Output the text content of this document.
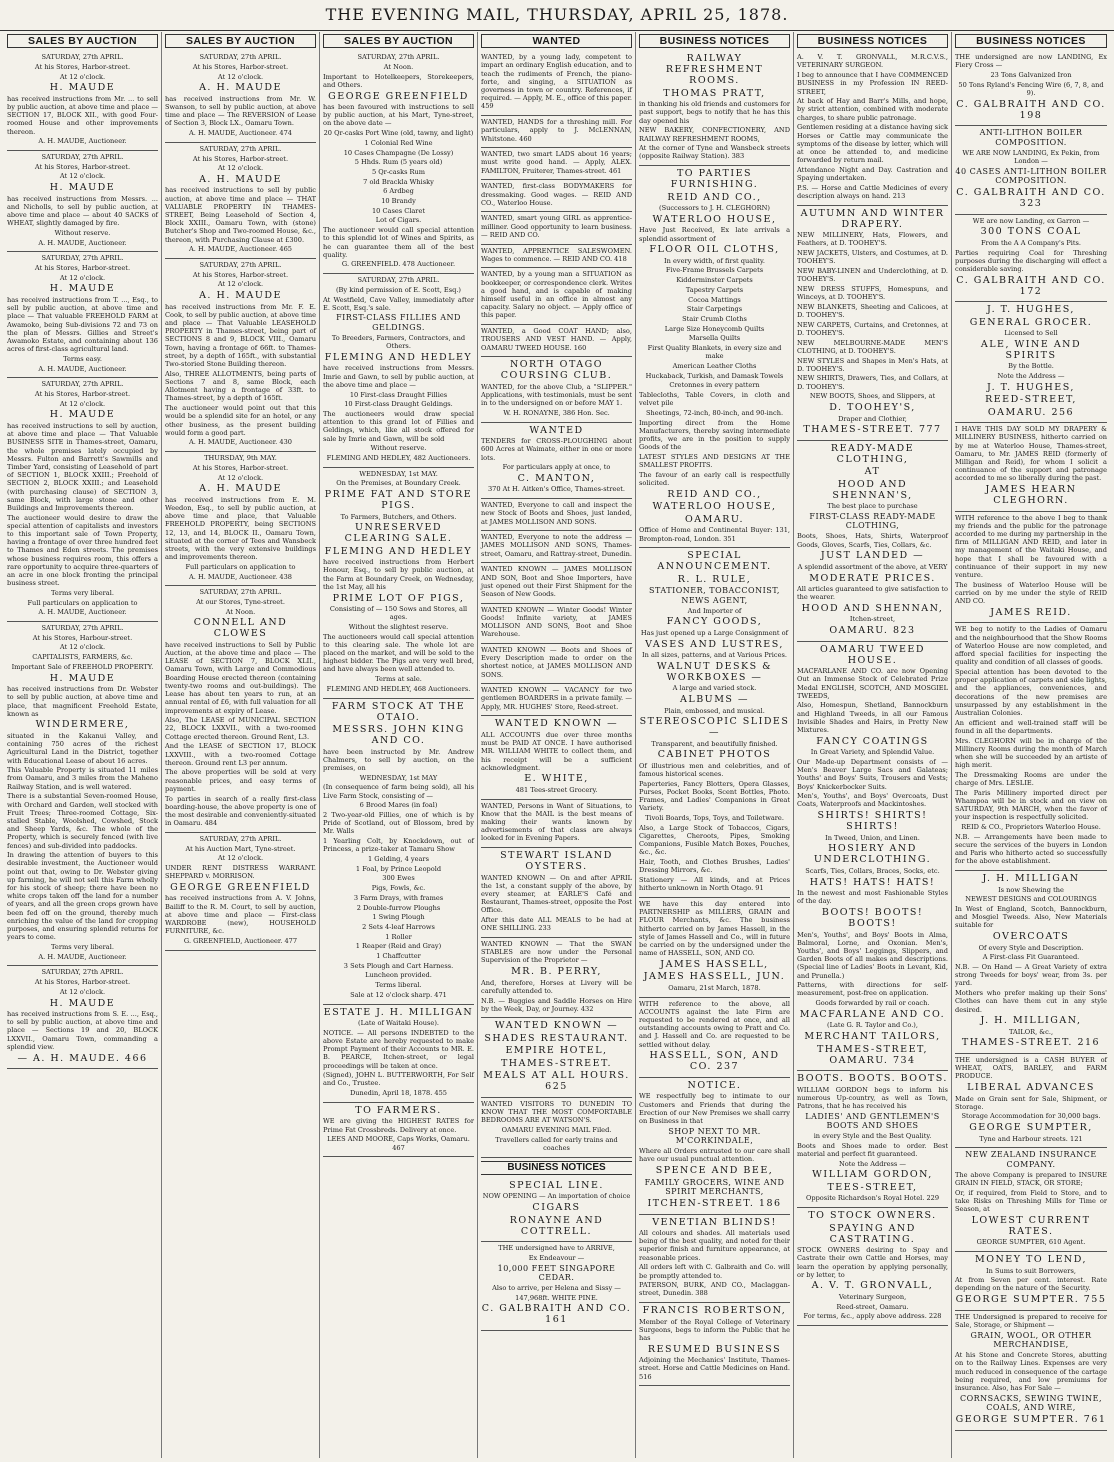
THE EVENING MAIL, THURSDAY, APRIL 25, 1878.
SALES BY AUCTION

SATURDAY, 27th APRIL.

At his Stores, Harbor-street.

At 12 o'clock.

H. MAUDE

has received instructions from Mr. ... to sell by public auction, at above time and place — SECTION 17, BLOCK XII., with good Four-roomed House and other improvements thereon.

A. H. MAUDE, Auctioneer.

SATURDAY, 27th APRIL.

At his Stores, Harbor-street.

At 12 o'clock.

H. MAUDE

has received instructions from Messrs. ... and Nicholls, to sell by public auction, at above time and place — about 40 SACKS of WHEAT, slightly damaged by fire.

Without reserve.

A. H. MAUDE, Auctioneer.

SATURDAY, 27th APRIL.

At his Stores, Harbor-street.

At 12 o'clock.

H. MAUDE

has received instructions from T. ..., Esq., to sell by public auction, at above time and place — That valuable FREEHOLD FARM at Awamoko, being Sub-divisions 72 and 73 on the plan of Messrs. Gillies and Street's Awamoko Estate, and containing about 136 acres of first-class agricultural land.

Terms easy.

A. H. MAUDE, Auctioneer.

SATURDAY, 27th APRIL.

At his Stores, Harbor-street.

At 12 o'clock.

H. MAUDE

has received instructions to sell by auction, at above time and place — That Valuable BUSINESS SITE in Thames-street, Oamaru, the whole premises lately occupied by Messrs. Fulton and Barrett's Sawmills and Timber Yard, consisting of Leasehold of part of SECTION 1, BLOCK XXIII.; Freehold of SECTION 2, BLOCK XXIII.; and Leasehold (with purchasing clause) of SECTION 3, same Block, with large stone and other Buildings and Improvements thereon.

The auctioneer would desire to draw the special attention of capitalists and investors to this important sale of Town Property, having a frontage of over three hundred feet to Thames and Eden streets. The premises whose business requires room, this offers a rare opportunity to acquire three-quarters of an acre in one block fronting the principal business street.

Terms very liberal.

Full particulars on application to

A. H. MAUDE, Auctioneer.

SATURDAY, 27th APRIL.

At his Stores, Harbour-street.

At 12 o'clock.

CAPITALISTS, FARMERS, &c.

Important Sale of FREEHOLD PROPERTY.

H. MAUDE

has received instructions from Dr. Webster to sell by public auction, at above time and place, that magnificent Freehold Estate, known as

WINDERMERE,

situated in the Kakanui Valley, and containing 750 acres of the richest Agricultural Land in the District, together with Educational Lease of about 16 acres.

This Valuable Property is situated 11 miles from Oamaru, and 3 miles from the Maheno Railway Station, and is well watered.

There is a substantial Seven-roomed House, with Orchard and Garden, well stocked with Fruit Trees; Three-roomed Cottage, Six-stalled Stable, Woolshed, Cowshed, Stock and Sheep Yards, &c. The whole of the Property, which is securely fenced (with live fences) and sub-divided into paddocks.

In drawing the attention of buyers to this desirable investment, the Auctioneer would point out that, owing to Dr. Webster giving up farming, he will not sell this Farm wholly for his stock of sheep; there have been no white crops taken off the land for a number of years, and all the green crops grown have been fed off on the ground, thereby much enriching the value of the land for cropping purposes, and ensuring splendid returns for years to come.

Terms very liberal.

A. H. MAUDE, Auctioneer.

SATURDAY, 27th APRIL.

At his Stores, Harbor-street.

At 12 o'clock.

H. MAUDE

has received instructions from S. E. ..., Esq., to sell by public auction, at above time and place — Sections 19 and 20, BLOCK LXXVII., Oamaru Town, commanding a splendid view.

— A. H. MAUDE. 466

SALES BY AUCTION

SATURDAY, 27th APRIL.

At his Stores, Harbor-street.

At 12 o'clock.

A. H. MAUDE

has received instructions from Mr. W. Swanson, to sell by public auction, at above time and place — The REVERSION of Lease of Section 3, Block LX., Oamaru Town.

A. H. MAUDE, Auctioneer. 474

SATURDAY, 27th APRIL.

At his Stores, Harbor-street.

At 12 o'clock.

A. H. MAUDE

has received instructions to sell by public auction, at above time and place — THAT VALUABLE PROPERTY IN THAMES-STREET, Being Leasehold of Section 4, Block XXIII., Oamaru Town, with (stone) Butcher's Shop and Two-roomed House, &c., thereon, with Purchasing Clause at £300.

A. H. MAUDE, Auctioneer. 465

SATURDAY, 27th APRIL.

At his Stores, Harbor-street.

At 12 o'clock.

A. H. MAUDE

has received instructions from Mr. F. E. Cook, to sell by public auction, at above time and place — That Valuable LEASEHOLD PROPERTY in Thames-street, being part of SECTIONS 8 and 9, BLOCK VIII., Oamaru Town, having a frontage of 66ft. to Thames-street, by a depth of 165ft., with substantial Two-storied Stone Building thereon.

Also, THREE ALLOTMENTS, being parts of Sections 7 and 8, same Block, each Allotment having a frontage of 33ft. to Thames-street, by a depth of 165ft.

The auctioneer would point out that this would be a splendid site for an hotel, or any other business, as the present building would form a good part.

A. H. MAUDE, Auctioneer. 430

THURSDAY, 9th MAY.

At his Stores, Harbor-street.

At 12 o'clock.

A. H. MAUDE

has received instructions from E. M. Weedon, Esq., to sell by public auction, at above time and place, that Valuable FREEHOLD PROPERTY, being SECTIONS 12, 13, and 14, BLOCK II., Oamaru Town, situated at the corner of Tees and Wansbeck streets, with the very extensive buildings and improvements thereon.

Full particulars on application to

A. H. MAUDE, Auctioneer. 438

SATURDAY, 27th APRIL.

At our Stores, Tyne-street.

At Noon.

CONNELL AND CLOWES

have received instructions to Sell by Public Auction, at the above time and place — The LEASE of SECTION 7, BLOCK XLII., Oamaru Town, with Large and Commodious Boarding House erected thereon (containing twenty-two rooms and out-buildings). The Lease has about ten years to run, at an annual rental of £6, with full valuation for all improvements at expiry of Lease.

Also, The LEASE of MUNICIPAL SECTION 22, BLOCK LXXVII., with a two-roomed Cottage erected thereon. Ground Rent, L3.

And the LEASE of SECTION 17, BLOCK LXXVIII., with a two-roomed Cottage thereon. Ground rent L3 per annum.

The above properties will be sold at very reasonable prices, and easy terms of payment.

To parties in search of a really first-class boarding-house, the above property is one of the most desirable and conveniently-situated in Oamaru. 484

SATURDAY, 27th APRIL.

At his Auction Mart, Tyne-street.

At 12 o'clock.

UNDER RENT DISTRESS WARRANT. SHEPPARD v. MORRISON.

GEORGE GREENFIELD

has received instructions from A. V. Johns, Bailiff to the R. M. Court, to sell by auction, at above time and place — First-class WARDROBE (new), HOUSEHOLD FURNITURE, &c.

G. GREENFIELD, Auctioneer. 477

SALES BY AUCTION

SATURDAY, 27th APRIL.

At Noon.

Important to Hotelkeepers, Storekeepers, and Others.

GEORGE GREENFIELD

has been favoured with instructions to sell by public auction, at his Mart, Tyne-street, on the above date —

20 Qr-casks Port Wine (old, tawny, and light)

1 Colonial Red Wine

10 Cases Champagne (De Lossy)

5 Hhds. Rum (5 years old)

5 Qr-casks Rum

7 old Brackla Whisky

6 Ardbeg

10 Brandy

10 Cases Claret

Lot of Cigars.

The auctioneer would call special attention to this splendid lot of Wines and Spirits, as he can guarantee them all of the best quality.

G. GREENFIELD. 478 Auctioneer.

SATURDAY, 27th APRIL.

(By kind permission of E. Scott, Esq.)

At Westfield, Cave Valley, immediately after E. Scott, Esq.'s sale.

FIRST-CLASS FILLIES AND GELDINGS.

To Breeders, Farmers, Contractors, and Others.

FLEMING AND HEDLEY

have received instructions from Messrs. Imrie and Gawn, to sell by public auction, at the above time and place —

10 First-class Draught Fillies

10 First-class Draught Geldings.

The auctioneers would draw special attention to this grand lot of Fillies and Geldings, which, like all stock offered for sale by Imrie and Gawn, will be sold

Without reserve.

FLEMING AND HEDLEY, 482 Auctioneers.

WEDNESDAY, 1st MAY.

On the Premises, at Boundary Creek.

PRIME FAT AND STORE PIGS.

To Farmers, Butchers, and Others.

UNRESERVED CLEARING SALE.

FLEMING AND HEDLEY

have received instructions from Herbert Honour, Esq., to sell by public auction, at the Farm at Boundary Creek, on Wednesday, the 1st May, all his

PRIME LOT OF PIGS,

Consisting of — 150 Sows and Stores, all ages.

Without the slightest reserve.

The auctioneers would call special attention to this clearing sale. The whole lot are placed on the market, and will be sold to the highest bidder. The Pigs are very well bred, and have always been well attended to.

Terms at sale.

FLEMING AND HEDLEY, 468 Auctioneers.

FARM STOCK AT THE OTAIO.

MESSRS. JOHN KING AND CO.

have been instructed by Mr. Andrew Chalmers, to sell by auction, on the premises, on

WEDNESDAY, 1st MAY

(In consequence of farm being sold), all his Live Farm Stock, consisting of —

6 Brood Mares (in foal)

2 Two-year-old Fillies, one of which is by Pride of Scotland, out of Blossom, bred by Mr. Walls

1 Yearling Colt, by Knockdown, out of Princess, a prize-taker at Tamaru Show

1 Gelding, 4 years

1 Foal, by Prince Leopold

300 Ewes

Pigs, Fowls, &c.

3 Farm Drays, with frames

2 Double-furrow Ploughs

1 Swing Plough

2 Sets 4-leaf Harrows

1 Roller

1 Reaper (Reid and Gray)

1 Chaffcutter

3 Sets Plough and Cart Harness.

Luncheon provided.

Terms liberal.

Sale at 12 o'clock sharp. 471

ESTATE J. H. MILLIGAN

(Late of Waitaki House).

NOTICE. — All persons INDEBTED to the above Estate are hereby requested to make Prompt Payment of their Accounts to MR. E. B. PEARCE, Itchen-street, or legal proceedings will be taken at once.

(Signed), JOHN L. BUTTERWORTH, For Self and Co., Trustee.

Dunedin, April 18, 1878. 455

TO FARMERS.

WE are giving the HIGHEST RATES for Prime Fat Crossbreds. Delivery at once.

LEES AND MOORE, Caps Works, Oamaru. 467

WANTED

WANTED, by a young lady, competent to impart an ordinary English education, and to teach the rudiments of French, the piano-forte, and singing, a SITUATION as governess in town or country. References, if required. — Apply, M. E., office of this paper. 459

WANTED, HANDS for a threshing mill. For particulars, apply to J. McLENNAN, Whitstone. 460

WANTED, two smart LADS about 16 years; must write good hand. — Apply, ALEX. FAMILTON, Fruiterer, Thames-street. 461

WANTED, first-class BODYMAKERS for dressmaking. Good wages. — REID AND CO., Waterloo House.

WANTED, smart young GIRL as apprentice-milliner. Good opportunity to learn business. — REID AND CO.

WANTED, APPRENTICE SALESWOMEN. Wages to commence. — REID AND CO. 418

WANTED, by a young man a SITUATION as bookkeeper, or correspondence clerk. Writes a good hand, and is capable of making himself useful in an office in almost any capacity. Salary no object. — Apply office of this paper.

WANTED, a Good COAT HAND; also, TROUSERS AND VEST HAND. — Apply, OAMARU TWEED HOUSE. 160

NORTH OTAGO COURSING CLUB.

WANTED, for the above Club, a "SLIPPER." Applications, with testimonials, must be sent in to the undersigned on or before MAY 1.

W. H. RONAYNE, 386 Hon. Sec.

WANTED

TENDERS for CROSS-PLOUGHING about 600 Acres at Waimate, either in one or more lots.

For particulars apply at once, to

C. MANTON,

370 At H. Aitken's Office, Thames-street.

WANTED, Everyone to call and inspect the new Stock of Boots and Shoes, just landed, at JAMES MOLLISON AND SONS.

WANTED, Everyone to note the address — JAMES MOLLISON AND SONS, Thames-street, Oamaru, and Rattray-street, Dunedin.

WANTED KNOWN — JAMES MOLLISON AND SON, Boot and Shoe Importers, have just opened out their First Shipment for the Season of New Goods.

WANTED KNOWN — Winter Goods! Winter Goods! Infinite variety, at JAMES MOLLISON AND SONS, Boot and Shoe Warehouse.

WANTED KNOWN — Boots and Shoes of Every Description made to order on the shortest notice, at JAMES MOLLISON AND SONS.

WANTED KNOWN — VACANCY for two gentlemen BOARDERS in a private family. — Apply, MR. HUGHES' Store, Reed-street.

WANTED KNOWN —

ALL ACCOUNTS due over three months must be PAID AT ONCE. I have authorised MR. WILLIAM WHITE to collect them, and his receipt will be a sufficient acknowledgment.

E. WHITE,

481 Tees-street Grocery.

WANTED, Persons in Want of Situations, to Know that the MAIL is the best means of making their wants known by advertisements of that class are always looked for in Evening Papers.

STEWART ISLAND OYSTERS.

WANTED KNOWN — On and after APRIL the 1st, a constant supply of the above, by every steamer, at EARLE'S Café and Restaurant, Thames-street, opposite the Post Office.

After this date ALL MEALS to be had at ONE SHILLING. 233

WANTED KNOWN — That the SWAN STABLES are now under the Personal Supervision of the Proprietor —

MR. B. PERRY,

And, therefore, Horses at Livery will be carefully attended to.

N.B. — Buggies and Saddle Horses on Hire by the Week, Day, or Journey. 432

WANTED KNOWN —

SHADES RESTAURANT.

EMPIRE HOTEL,

THAMES-STREET.

MEALS AT ALL HOURS. 625

WANTED VISITORS TO DUNEDIN TO KNOW THAT THE MOST COMFORTABLE BEDROOMS ARE AT WATSON'S.

OAMARU EVENING MAIL Filed.

Travellers called for early trains and coaches

BUSINESS NOTICES

SPECIAL LINE.

NOW OPENING — An importation of choice

CIGARS

RONAYNE AND COTTRELL.

THE undersigned have to ARRIVE,

Ex Endeavour —

10,000 FEET SINGAPORE CEDAR.

Also to arrive, per Helena and Sissy —

147,968ft. WHITE PINE.

C. GALBRAITH AND CO. 161

BUSINESS NOTICES

RAILWAY REFRESHMENT ROOMS.

THOMAS PRATT,

in thanking his old friends and customers for past support, begs to notify that he has this day opened his

NEW BAKERY, CONFECTIONERY, AND RAILWAY REFRESHMENT ROOMS,

At the corner of Tyne and Wansbeck streets (opposite Railway Station). 383

TO PARTIES FURNISHING.

REID AND CO.,

(Successors to J. H. CLEGHORN)

WATERLOO HOUSE,

Have Just Received, Ex late arrivals a splendid assortment of

FLOOR OIL CLOTHS,

In every width, of first quality.

Five-Frame Brussels Carpets

Kidderminster Carpets

Tapestry Carpets

Cocoa Mattings

Stair Carpetings

Stair Crumb Cloths

Large Size Honeycomb Quilts

Marsella Quilts

First Quality Blankets, in every size and make

American Leather Cloths

Huckaback, Turkish, and Damask Towels

Cretonnes in every pattern

Tablecloths, Table Covers, in cloth and velvet pile

Sheetings, 72-inch, 80-inch, and 90-inch.

Importing direct from the Home Manufacturers, thereby saving intermediate profits, we are in the position to supply Goods of the

LATEST STYLES AND DESIGNS AT THE SMALLEST PROFITS.

The favour of an early call is respectfully solicited.

REID AND CO.,

WATERLOO HOUSE,

OAMARU.

Office of Home and Continental Buyer: 131, Brompton-road, London. 351

SPECIAL ANNOUNCEMENT.

R. L. RULE,

STATIONER, TOBACCONIST, NEWS AGENT,

And Importer of

FANCY GOODS,

Has just opened up a Large Consignment of

VASES AND LUSTRES,

In all sizes, patterns, and at Various Prices.

WALNUT DESKS & WORKBOXES —

A large and varied stock.

ALBUMS —

Plain, embossed, and musical.

STEREOSCOPIC SLIDES —

Transparent, and beautifully finished.

CABINET PHOTOS

Of illustrious men and celebrities, and of famous historical scenes.

Paperteries, Fancy Blotters, Opera Glasses, Purses, Pocket Books, Scent Bottles, Photo. Frames, and Ladies' Companions in Great Variety.

Tivoli Boards, Tops, Toys, and Toiletware.

Also, a Large Stock of Tobaccos, Cigars, Cigarettes, Cheroots, Pipes, Smoking Companions, Fusible Match Boxes, Pouches, &c., &c.

Hair, Tooth, and Clothes Brushes, Ladies' Dressing Mirrors, &c.

Stationery — All kinds, and at Prices hitherto unknown in North Otago. 91

WE have this day entered into PARTNERSHIP as MILLERS, GRAIN and FLOUR Merchants, &c. The business hitherto carried on by James Hassell, in the style of James Hassell and Co., will in future be carried on by the undersigned under the name of HASSELL, SON, AND CO.

JAMES HASSELL,

JAMES HASSELL, JUN.

Oamaru, 21st March, 1878.

WITH reference to the above, all ACCOUNTS against the late Firm are requested to be rendered at once, and all outstanding accounts owing to Pratt and Co. and J. Hassell and Co. are requested to be settled without delay.

HASSELL, SON, AND CO. 237

NOTICE.

WE respectfully beg to intimate to our Customers and Friends that during the Erection of our New Premises we shall carry on Business in that

SHOP NEXT TO MR. M'CORKINDALE,

Where all Orders entrusted to our care shall have our usual punctual attention.

SPENCE AND BEE,

FAMILY GROCERS, WINE AND SPIRIT MERCHANTS,

ITCHEN-STREET. 186

VENETIAN BLINDS!

All colours and shades. All materials used being of the best quality, and noted for their superior finish and furniture appearance, at reasonable prices.

All orders left with C. Galbraith and Co. will be promptly attended to.

PATERSON, BURK, AND CO., Maclaggan-street, Dunedin. 388

FRANCIS ROBERTSON,

Member of the Royal College of Veterinary Surgeons, begs to inform the Public that he has

RESUMED BUSINESS

Adjoining the Mechanics' Institute, Thames-street. Horse and Cattle Medicines on Hand. 516

BUSINESS NOTICES

A. V. T. GRONVALL, M.R.C.V.S., VETERINARY SURGEON.

I beg to announce that I have COMMENCED BUSINESS in my Profession IN REED-STREET,

At back of Hay and Barr's Mills, and hope, by strict attention, combined with moderate charges, to share public patronage.

Gentlemen residing at a distance having sick Horses or Cattle may communicate the symptoms of the disease by letter, which will at once be attended to, and medicine forwarded by return mail.

Attendance Night and Day. Castration and Spaying undertaken.

P.S. — Horse and Cattle Medicines of every description always on hand. 213

AUTUMN AND WINTER DRAPERY.

NEW MILLINERY, Hats, Flowers, and Feathers, at D. TOOHEY'S.

NEW JACKETS, Ulsters, and Costumes, at D. TOOHEY'S.

NEW BABY-LINEN and Underclothing, at D. TOOHEY'S.

NEW DRESS STUFFS, Homespuns, and Winceys, at D. TOOHEY'S.

NEW BLANKETS, Sheeting and Calicoes, at D. TOOHEY'S.

NEW CARPETS, Curtains, and Cretonnes, at D. TOOHEY'S.

NEW MELBOURNE-MADE MEN'S CLOTHING, at D. TOOHEY'S.

NEW STYLES and Shapes in Men's Hats, at D. TOOHEY'S.

NEW SHIRTS, Drawers, Ties, and Collars, at D. TOOHEY'S.

NEW BOOTS, Shoes, and Slippers, at

D. TOOHEY'S,

Draper and Clothier,

THAMES-STREET. 777

READY-MADE CLOTHING,

AT

HOOD AND SHENNAN'S,

The best place to purchase

FIRST-CLASS READY-MADE CLOTHING,

Boots, Shoes, Hats, Shirts, Waterproof Goods, Gloves, Scarfs, Ties, Collars, &c.

JUST LANDED —

A splendid assortment of the above, at VERY

MODERATE PRICES.

All articles guaranteed to give satisfaction to the wearer.

HOOD AND SHENNAN,

Itchen-street,

OAMARU. 823

OAMARU TWEED HOUSE.

MACFARLANE AND CO. are now Opening Out an Immense Stock of Celebrated Prize Medal ENGLISH, SCOTCH, AND MOSGIEL TWEEDS,

Also, Homespun, Shetland, Bannockburn and Highland Tweeds, in all our Famous Invisible Shades and Hairs, in Pretty New Mixtures.

FANCY COATINGS

In Great Variety, and Splendid Value.

Our Made-up Department consists of — Men's Beaver Large Sacs and Galateas; Youths' and Boys' Suits, Trousers and Vests; Boys' Knickerbocker Suits.

Men's, Youths', and Boys' Overcoats, Dust Coats, Waterproofs and Mackintoshes.

SHIRTS! SHIRTS! SHIRTS!

In Tweed, Union, and Linen.

HOSIERY AND UNDERCLOTHING.

Scarfs, Ties, Collars, Braces, Socks, etc.

HATS! HATS! HATS!

In the newest and most Fashionable Styles of the day.

BOOTS! BOOTS! BOOTS!

Men's, Youths', and Boys' Boots in Alma, Balmoral, Lorne, and Oxonian. Men's, Youths', and Boys' Leggings, Slippers, and Garden Boots of all makes and descriptions. (Special line of Ladies' Boots in Levant, Kid, and Prunella.)

Patterns, with directions for self-measurement, post-free on application.

Goods forwarded by rail or coach.

MACFARLANE AND CO.

(Late G. R. Taylor and Co.),

MERCHANT TAILORS,

THAMES-STREET, OAMARU. 734

BOOTS. BOOTS. BOOTS.

WILLIAM GORDON begs to inform his numerous Up-country, as well as Town, Patrons, that he has received his

LADIES' AND GENTLEMEN'S BOOTS AND SHOES

in every Style and the Best Quality.

Boots and Shoes made to order. Best material and perfect fit guaranteed.

Note the Address —

WILLIAM GORDON,

TEES-STREET,

Opposite Richardson's Royal Hotel. 229

TO STOCK OWNERS.

SPAYING AND CASTRATING.

STOCK OWNERS desiring to Spay and Castrate their own Cattle and Horses, may learn the operation by applying personally, or by letter, to

A. V. T. GRONVALL,

Veterinary Surgeon,

Reed-street, Oamaru.

For terms, &c., apply above address. 228

BUSINESS NOTICES

THE undersigned are now LANDING, Ex Fiery Cross —

23 Tons Galvanized Iron

50 Tons Ryland's Fencing Wire (6, 7, 8, and 9).

C. GALBRAITH AND CO. 198

ANTI-LITHON BOILER COMPOSITION.

WE ARE NOW LANDING, Ex Pekin, from London —

40 CASES ANTI-LITHON BOILER COMPOSITION.

C. GALBRAITH AND CO. 323

WE are now Landing, ex Garron —

300 TONS COAL

From the A A Company's Pits.

Parties requiring Coal for Threshing purposes during the discharging will effect a considerable saving.

C. GALBRAITH AND CO. 172

J. T. HUGHES,

GENERAL GROCER.

Licensed to Sell

ALE, WINE AND SPIRITS

By the Bottle.

Note the Address —

J. T. HUGHES,

REED-STREET,

OAMARU. 256

I HAVE THIS DAY SOLD MY DRAPERY & MILLINERY BUSINESS, hitherto carried on by me at Waterloo House, Thames-street, Oamaru, to Mr. JAMES REID (formerly of Milligan and Reid), for whom I solicit a continuance of the support and patronage accorded to me so liberally during the past.

JAMES HEARN CLEGHORN.

WITH reference to the above I beg to thank my friends and the public for the patronage accorded to me during my partnership in the firm of MILLIGAN AND REID, and later in my management of the Waitaki House, and hope that I shall be favoured with a continuance of their support in my new venture.

The business of Waterloo House will be carried on by me under the style of REID AND CO.

JAMES REID.

WE beg to notify to the Ladies of Oamaru and the neighbourhood that the Show Rooms of Waterloo House are now completed, and afford special facilities for inspecting the quality and condition of all classes of goods.

Special attention has been devoted to the proper application of carpets and side lights, and the appliances, conveniences, and decorations of the new premises are unsurpassed by any establishment in the Australian Colonies.

An efficient and well-trained staff will be found in all the departments.

Mrs. CLEGHORN will be in charge of the Millinery Rooms during the month of March when she will be succeeded by an artiste of high merit.

The Dressmaking Rooms are under the charge of Mrs. LESLIE.

The Paris Millinery imported direct per Whampoa will be in stock and on view on SATURDAY, 9th MARCH, when the favor of your inspection is respectfully solicited.

REID & CO., Proprietors Waterloo House.

N.B. — Arrangements have been made to secure the services of the buyers in London and Paris who hitherto acted so successfully for the above establishment.

J. H. MILLIGAN

Is now Shewing the

NEWEST DESIGNS and COLOURINGS

In West of England, Scotch, Bannockburn, and Mosgiel Tweeds. Also, New Materials suitable for

OVERCOATS

Of every Style and Description.

A First-class Fit Guaranteed.

N.B. — On Hand — A Great Variety of extra strong Tweeds for boys' wear, from 3s. per yard.

Mothers who prefer making up their Sons' Clothes can have them cut in any style desired.

J. H. MILLIGAN,

TAILOR, &c.,

THAMES-STREET. 216

THE undersigned is a CASH BUYER of WHEAT, OATS, BARLEY, and FARM PRODUCE.

LIBERAL ADVANCES

Made on Grain sent for Sale, Shipment, or Storage.

Storage Accommodation for 30,000 bags.

GEORGE SUMPTER,

Tyne and Harbour streets. 121

NEW ZEALAND INSURANCE COMPANY.

The above Company is prepared to INSURE GRAIN IN FIELD, STACK, OR STORE;

Or, if required, from Field to Store, and to take Risks on Threshing Mills for Time or Season, at

LOWEST CURRENT RATES.

GEORGE SUMPTER, 610 Agent.

MONEY TO LEND,

In Sums to suit Borrowers,

At from Seven per cent. interest. Rate depending on the nature of the Security.

GEORGE SUMPTER. 755

THE Undersigned is prepared to receive for Sale, Storage, or Shipment —

GRAIN, WOOL, OR OTHER MERCHANDISE,

At his Stone and Concrete Stores, abutting on to the Railway Lines. Expenses are very much reduced in consequence of the cartage being required, and low premiums for insurance. Also, has For Sale —

CORNSACKS, SEWING TWINE, COALS, AND WIRE,

GEORGE SUMPTER. 761
